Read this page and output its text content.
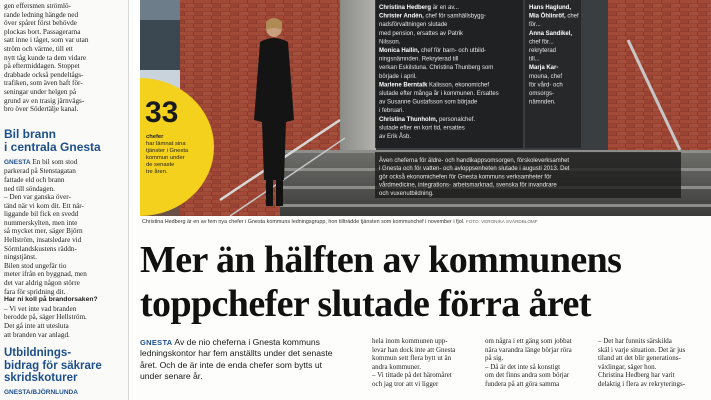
gen effersmen strömlö-
rande ledning hängde ned
över spåret först behövde
plockas bort. Passagerarna
satt inne i tåget, som var utan
ström och värme, till ett
nytt tåg kunde ta dem vidare
på eftermiddagen. Stoppet
drabbade också pendeltågs-
trafiken, som även haft för-
seningar under helgen på
grund av en trasig järnvägs-
bro över Södertälje kanal.
Bil brann
i centrala Gnesta
GNESTA En bil som stod
parkerad på Stenstagatan
fattade eld och brann
ned till söndagen.
– Den var ganska över-
tänd när vi kom dit. Ett när-
liggande bil fick en svedd
nummerskylten, men inte
så mycket mer, säger Björn
Hellström, insatsledare vid
Sörmlandskustens räddn-
ningstjänst.
Bilen stod ungefär tio
meter ifrån en byggnad, men
det var aldrig någon större
fara för spridning dit.
Har ni koll på brandorsaken?
– Vi vet inte vad branden
berodde på, säger Hellström.
Det gå inte att utesluta
att branden var anlagd.
Utbildnings-
bidrag för säkrare
skridskoturer
GNESTA/BJÖRNLUNDA
33
chefer
har lämnat sina
tjänster i Gnesta
kommun under
de senaste
tre åren.
Christina Hedberg är en av...
Christer Andén, chef för samhällsbygg-
nadsförvaltningen slutade
med pension, ersattes av Patrik
Nilsson.
Monica Hallin, chef för barn- och utbild-
ningsnämnden. Rekryterad till
verkan Eskilstuna. Christina Thunberg som
började i april.
Marlene Berntalk Kalisson, ekonomichef
slutade efter många år i kommunen. Ersattes
av Susanne Gustafsson som började
i februari.
Christina Thunholm, personalchef.
slutade efter en kort tid, ersattes
av Erik Åsb.
Hans Haglund,
Mia Öhlinröf, chef
för...
Anna Sandikel,
chef för...
rekryterad
till...
Marja Kar-
mouna, chef
för vård- och
omsorgs-
nämnden.
Även cheferna för äldre- och handikappsomsorgen, förskoleverksamhet
i Gnesta och för vatten- och avloppsenheten slutade i augusti 2013. Det
gör också ekonomichefen för Gnesta kommuns verksamheter för
vårdmedicine, integrations- arbetsmarknad, svenska för invandrare
och vuxenutbildning.
Christina Hedberg är en av fem nya chefer i Gnesta kommuns ledningsgrupp, hon tillträdde tjänsten som kommunchef i november i fjol. FOTO: VERONIKA SVÄRDBLOMF
Mer än hälften av kommunens
toppchefer slutade förra året
GNESTA Av de nio cheferna i Gnesta kommuns
ledningskontor har fem anställts under det senaste
året. Och de är inte de enda chefer som bytts ut
under senare år.
hela inom kommunen upp-
levar han dock inte att Gnesta
kommun sett flera bytt ut än
andra kommuner.
– Vi tittade på det häromåret
och jag tror att vi ligger
om några i ett gäng som jobbat
nära varandra länge börjar röra
på sig.
– Då är det inte så konstigt
om det finns andra som börjar
fundera på att göra samma
– Det har funnits särskilda
skäl i varje situation. Det är jus
tiland att det blir generations-
växlingar, säger hon.
Christina Hedberg har varit
delaktig i flera av rekryterings-
